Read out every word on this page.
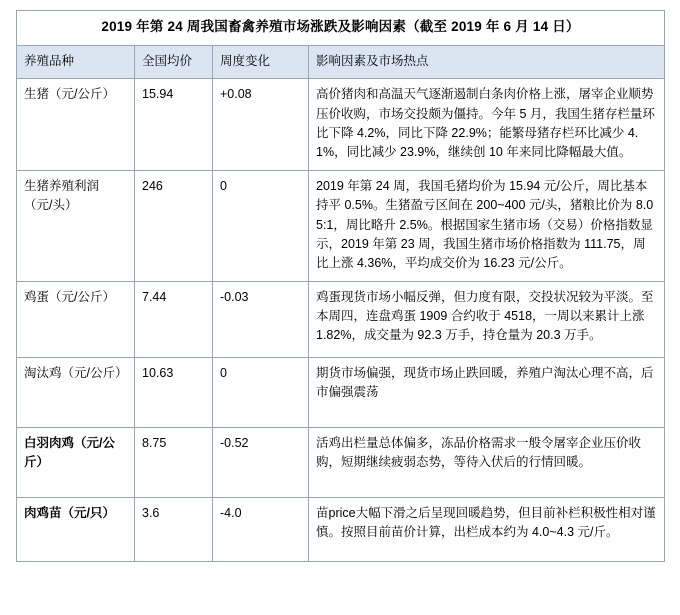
2019 年第 24 周我国畜禽养殖市场涨跌及影响因素（截至 2019 年 6 月 14 日）			
养殖品种	全国均价	周度变化	影响因素及市场热点
生猪（元/公斤）	15.94	+0.08	高价猪肉和高温天气逐渐遏制白条肉价格上涨，屠宰企业顺势压价收购，市场交投颇为僵持。今年 5 月，我国生猪存栏量环比下降 4.2%，同比下降 22.9%；能繁母猪存栏环比减少 4.1%，同比减少 23.9%，继续创 10 年来同比降幅最大值。
生猪养殖利润（元/头）	246	0	2019 年第 24 周，我国毛猪均价为 15.94 元/公斤，周比基本持平 0.5%。生猪盈亏区间在 200~400 元/头，猪粮比价为 8.05:1，周比略升 2.5%。根据国家生猪市场（交易）价格指数显示，2019 年第 23 周，我国生猪市场价格指数为 111.75，周比上涨 4.36%，平均成交价为 16.23 元/公斤。
鸡蛋（元/公斤）	7.44	-0.03	鸡蛋现货市场小幅反弹，但力度有限，交投状况较为平淡。至本周四，连盘鸡蛋 1909 合约收于 4518，一周以来累计上涨 1.82%，成交量为 92.3 万手，持仓量为 20.3 万手。
淘汰鸡（元/公斤）	10.63	0	期货市场偏强，现货市场止跌回暖，养殖户淘汰心理不高，后市偏强震荡
白羽肉鸡（元/公斤）	8.75	-0.52	活鸡出栏量总体偏多，冻品价格需求一般令屠宰企业压价收购，短期继续疲弱态势，等待入伏后的行情回暖。
肉鸡苗（元/只）	3.6	-4.0	苗price大幅下滑之后呈现回暖趋势，但目前补栏积极性相对谨慎。按照目前苗价计算，出栏成本约为 4.0~4.3 元/斤。
